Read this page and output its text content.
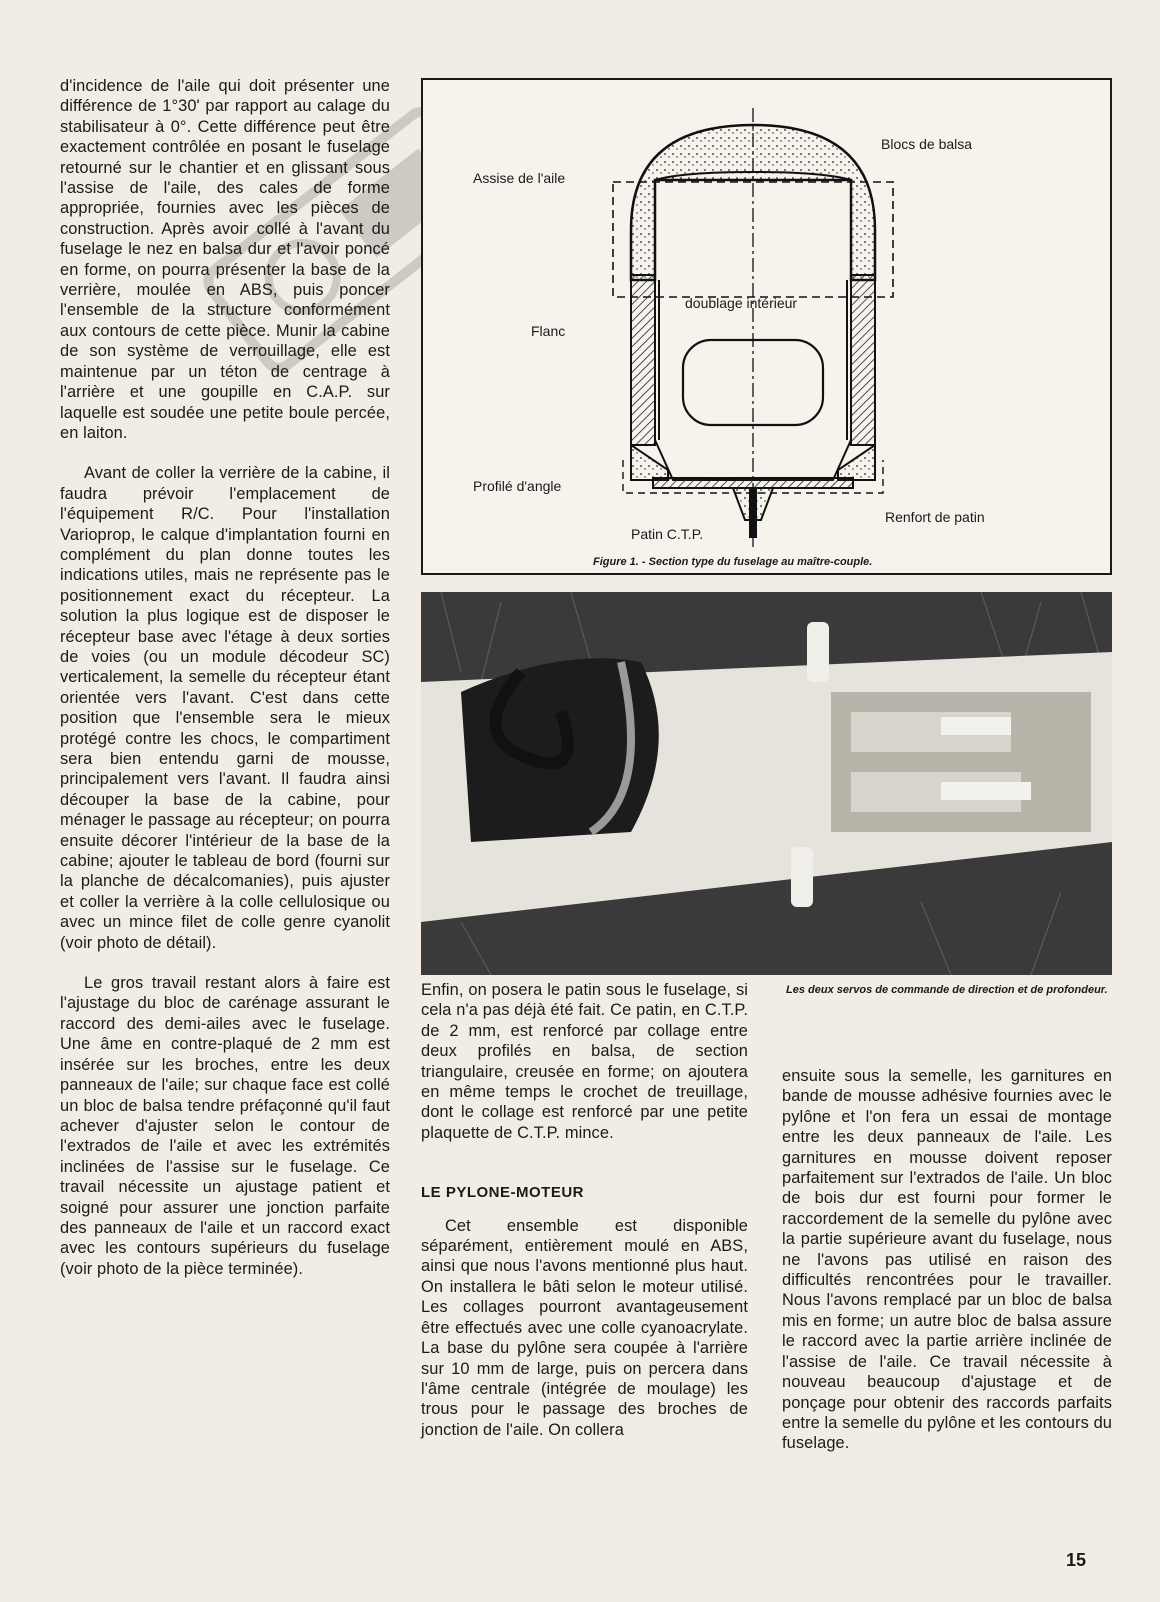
d'incidence de l'aile qui doit présenter une différence de 1°30' par rapport au calage du stabilisateur à 0°. Cette différence peut être exactement contrôlée en posant le fuselage retourné sur le chantier et en glissant sous l'assise de l'aile, des cales de forme appropriée, fournies avec les pièces de construction. Après avoir collé à l'avant du fuselage le nez en balsa dur et l'avoir poncé en forme, on pourra présenter la base de la verrière, moulée en ABS, puis poncer l'ensemble de la structure conformément aux contours de cette pièce. Munir la cabine de son système de verrouillage, elle est maintenue par un téton de centrage à l'arrière et une goupille en C.A.P. sur laquelle est soudée une petite boule percée, en laiton.

Avant de coller la verrière de la cabine, il faudra prévoir l'emplacement de l'équipement R/C. Pour l'installation Varioprop, le calque d'implantation fourni en complément du plan donne toutes les indications utiles, mais ne représente pas le positionnement exact du récepteur. La solution la plus logique est de disposer le récepteur base avec l'étage à deux sorties de voies (ou un module décodeur SC) verticalement, la semelle du récepteur étant orientée vers l'avant. C'est dans cette position que l'ensemble sera le mieux protégé contre les chocs, le compartiment sera bien entendu garni de mousse, principalement vers l'avant. Il faudra ainsi découper la base de la cabine, pour ménager le passage au récepteur; on pourra ensuite décorer l'intérieur de la base de la cabine; ajouter le tableau de bord (fourni sur la planche de décalcomanies), puis ajuster et coller la verrière à la colle cellulosique ou avec un mince filet de colle genre cyanolit (voir photo de détail).

Le gros travail restant alors à faire est l'ajustage du bloc de carénage assurant le raccord des demi-ailes avec le fuselage. Une âme en contre-plaqué de 2 mm est insérée sur les broches, entre les deux panneaux de l'aile; sur chaque face est collé un bloc de balsa tendre préfaçonné qu'il faut achever d'ajuster selon le contour de l'extrados de l'aile et avec les extrémités inclinées de l'assise sur le fuselage. Ce travail nécessite un ajustage patient et soigné pour assurer une jonction parfaite des panneaux de l'aile et un raccord exact avec les contours supérieurs du fuselage (voir photo de la pièce terminée).

Blocs de balsa
Assise de l'aile
doublage intérieur
Flanc
Profilé d'angle
Renfort de patin
Patin C.T.P.
Figure 1. - Section type du fuselage au maître-couple.
Les deux servos de commande de direction et de profondeur.

Enfin, on posera le patin sous le fuselage, si cela n'a pas déjà été fait. Ce patin, en C.T.P. de 2 mm, est renforcé par collage entre deux profilés en balsa, de section triangulaire, creusée en forme; on ajoutera en même temps le crochet de treuillage, dont le collage est renforcé par une petite plaquette de C.T.P. mince.

LE PYLONE-MOTEUR

Cet ensemble est disponible séparément, entièrement moulé en ABS, ainsi que nous l'avons mentionné plus haut. On installera le bâti selon le moteur utilisé. Les collages pourront avantageusement être effectués avec une colle cyanoacrylate. La base du pylône sera coupée à l'arrière sur 10 mm de large, puis on percera dans l'âme centrale (intégrée de moulage) les trous pour le passage des broches de jonction de l'aile. On collera

ensuite sous la semelle, les garnitures en bande de mousse adhésive fournies avec le pylône et l'on fera un essai de montage entre les deux panneaux de l'aile. Les garnitures en mousse doivent reposer parfaitement sur l'extrados de l'aile. Un bloc de bois dur est fourni pour former le raccordement de la semelle du pylône avec la partie supérieure avant du fuselage, nous ne l'avons pas utilisé en raison des difficultés rencontrées pour le travailler. Nous l'avons remplacé par un bloc de balsa mis en forme; un autre bloc de balsa assure le raccord avec la partie arrière inclinée de l'assise de l'aile. Ce travail nécessite à nouveau beaucoup d'ajustage et de ponçage pour obtenir des raccords parfaits entre la semelle du pylône et les contours du fuselage.

15
